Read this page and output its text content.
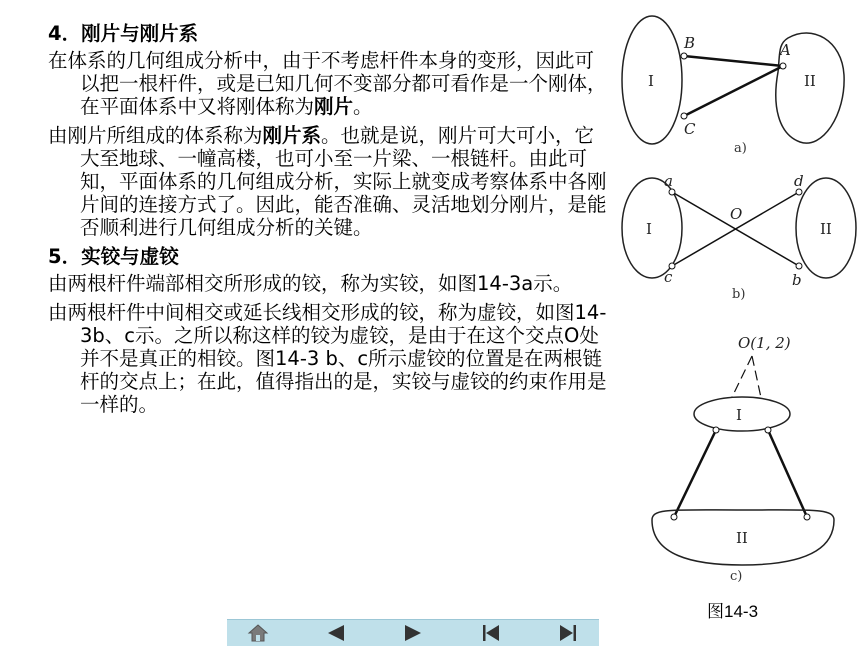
4．刚片与刚片系

在体系的几何组成分析中，由于不考虑杆件本身的变形，因此可以把一根杆件，或是已知几何不变部分都可看作是一个刚体，在平面体系中又将刚体称为刚片。

由刚片所组成的体系称为刚片系。也就是说，刚片可大可小，它大至地球、一幢高楼，也可小至一片梁、一根链杆。由此可知，平面体系的几何组成分析，实际上就变成考察体系中各刚片间的连接方式了。因此，能否准确、灵活地划分刚片，是能否顺利进行几何组成分析的关键。

5．实铰与虚铰

由两根杆件端部相交所形成的铰，称为实铰，如图14-3a示。

由两根杆件中间相交或延长线相交形成的铰，称为虚铰，如图14-3b、c示。之所以称这样的铰为虚铰，是由于在这个交点O处并不是真正的相铰。图14-3 b、c所示虚铰的位置是在两根链杆的交点上；在此，值得指出的是，实铰与虚铰的约束作用是一样的。

B	A
C
I	II
a)
a	d
O
c	b
I	II
b)
O(1, 2)
I
II
c)
图14-3
